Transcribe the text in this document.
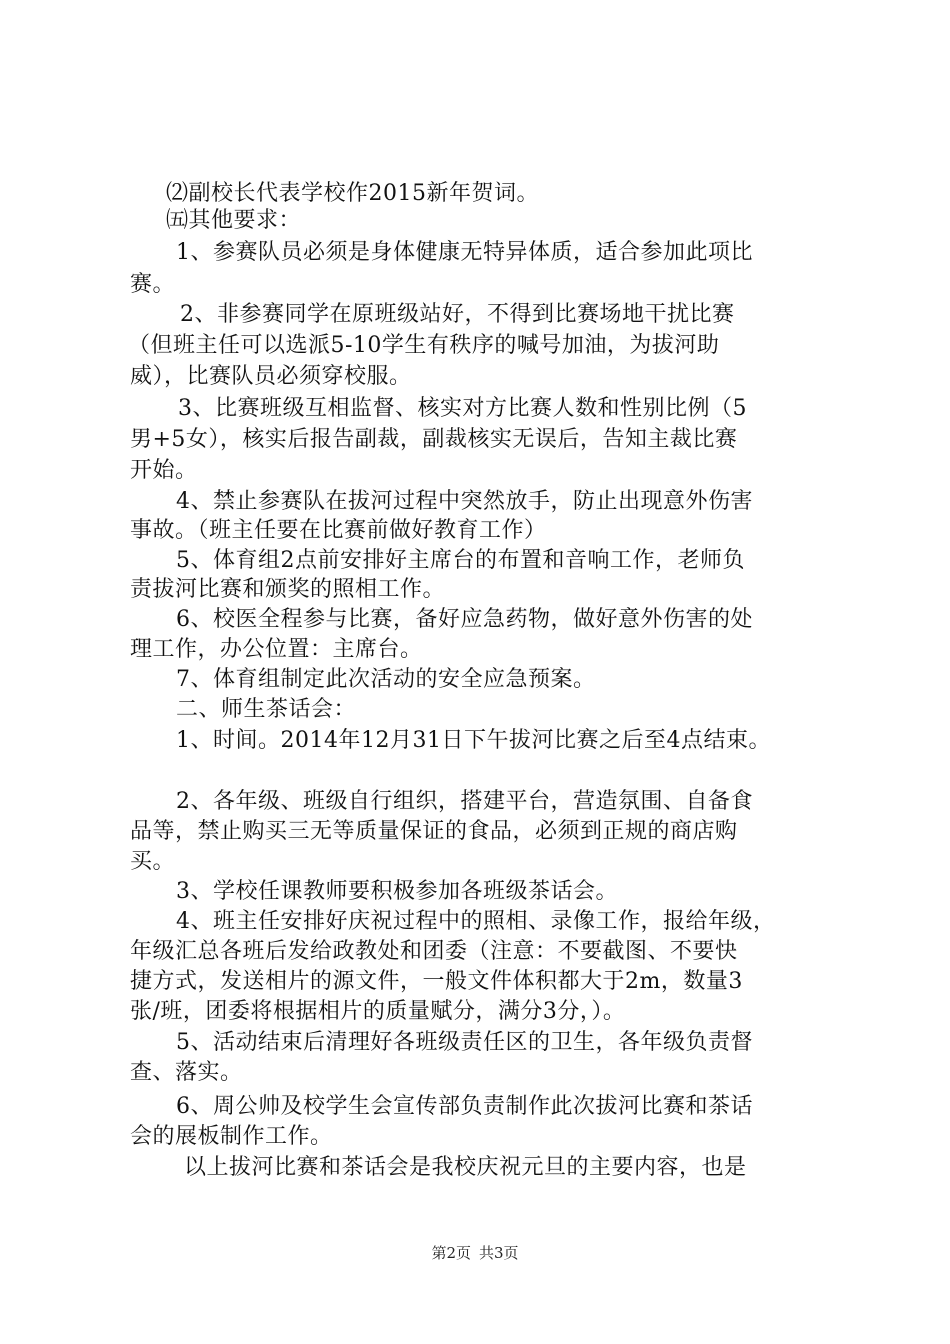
⑵副校长代表学校作2015新年贺词。
㈤其他要求：
1、参赛队员必须是身体健康无特异体质，适合参加此项比
赛。
2、非参赛同学在原班级站好，不得到比赛场地干扰比赛
（但班主任可以选派5-10学生有秩序的喊号加油，为拔河助
威），比赛队员必须穿校服。
3、比赛班级互相监督、核实对方比赛人数和性别比例（5
男+5女），核实后报告副裁，副裁核实无误后，告知主裁比赛
开始。
4、禁止参赛队在拔河过程中突然放手，防止出现意外伤害
事故。（班主任要在比赛前做好教育工作）
5、体育组2点前安排好主席台的布置和音响工作，老师负
责拔河比赛和颁奖的照相工作。
6、校医全程参与比赛，备好应急药物，做好意外伤害的处
理工作，办公位置：主席台。
7、体育组制定此次活动的安全应急预案。
二、师生茶话会：
1、时间。2014年12月31日下午拔河比赛之后至4点结束。
2、各年级、班级自行组织，搭建平台，营造氛围、自备食
品等，禁止购买三无等质量保证的食品，必须到正规的商店购
买。
3、学校任课教师要积极参加各班级茶话会。
4、班主任安排好庆祝过程中的照相、录像工作，报给年级，
年级汇总各班后发给政教处和团委（注意：不要截图、不要快
捷方式，发送相片的源文件，一般文件体积都大于2m，数量3
张/班，团委将根据相片的质量赋分，满分3分，）。
5、活动结束后清理好各班级责任区的卫生，各年级负责督
查、落实。
6、周公帅及校学生会宣传部负责制作此次拔河比赛和茶话
会的展板制作工作。
以上拔河比赛和茶话会是我校庆祝元旦的主要内容，也是
第2页 共3页
